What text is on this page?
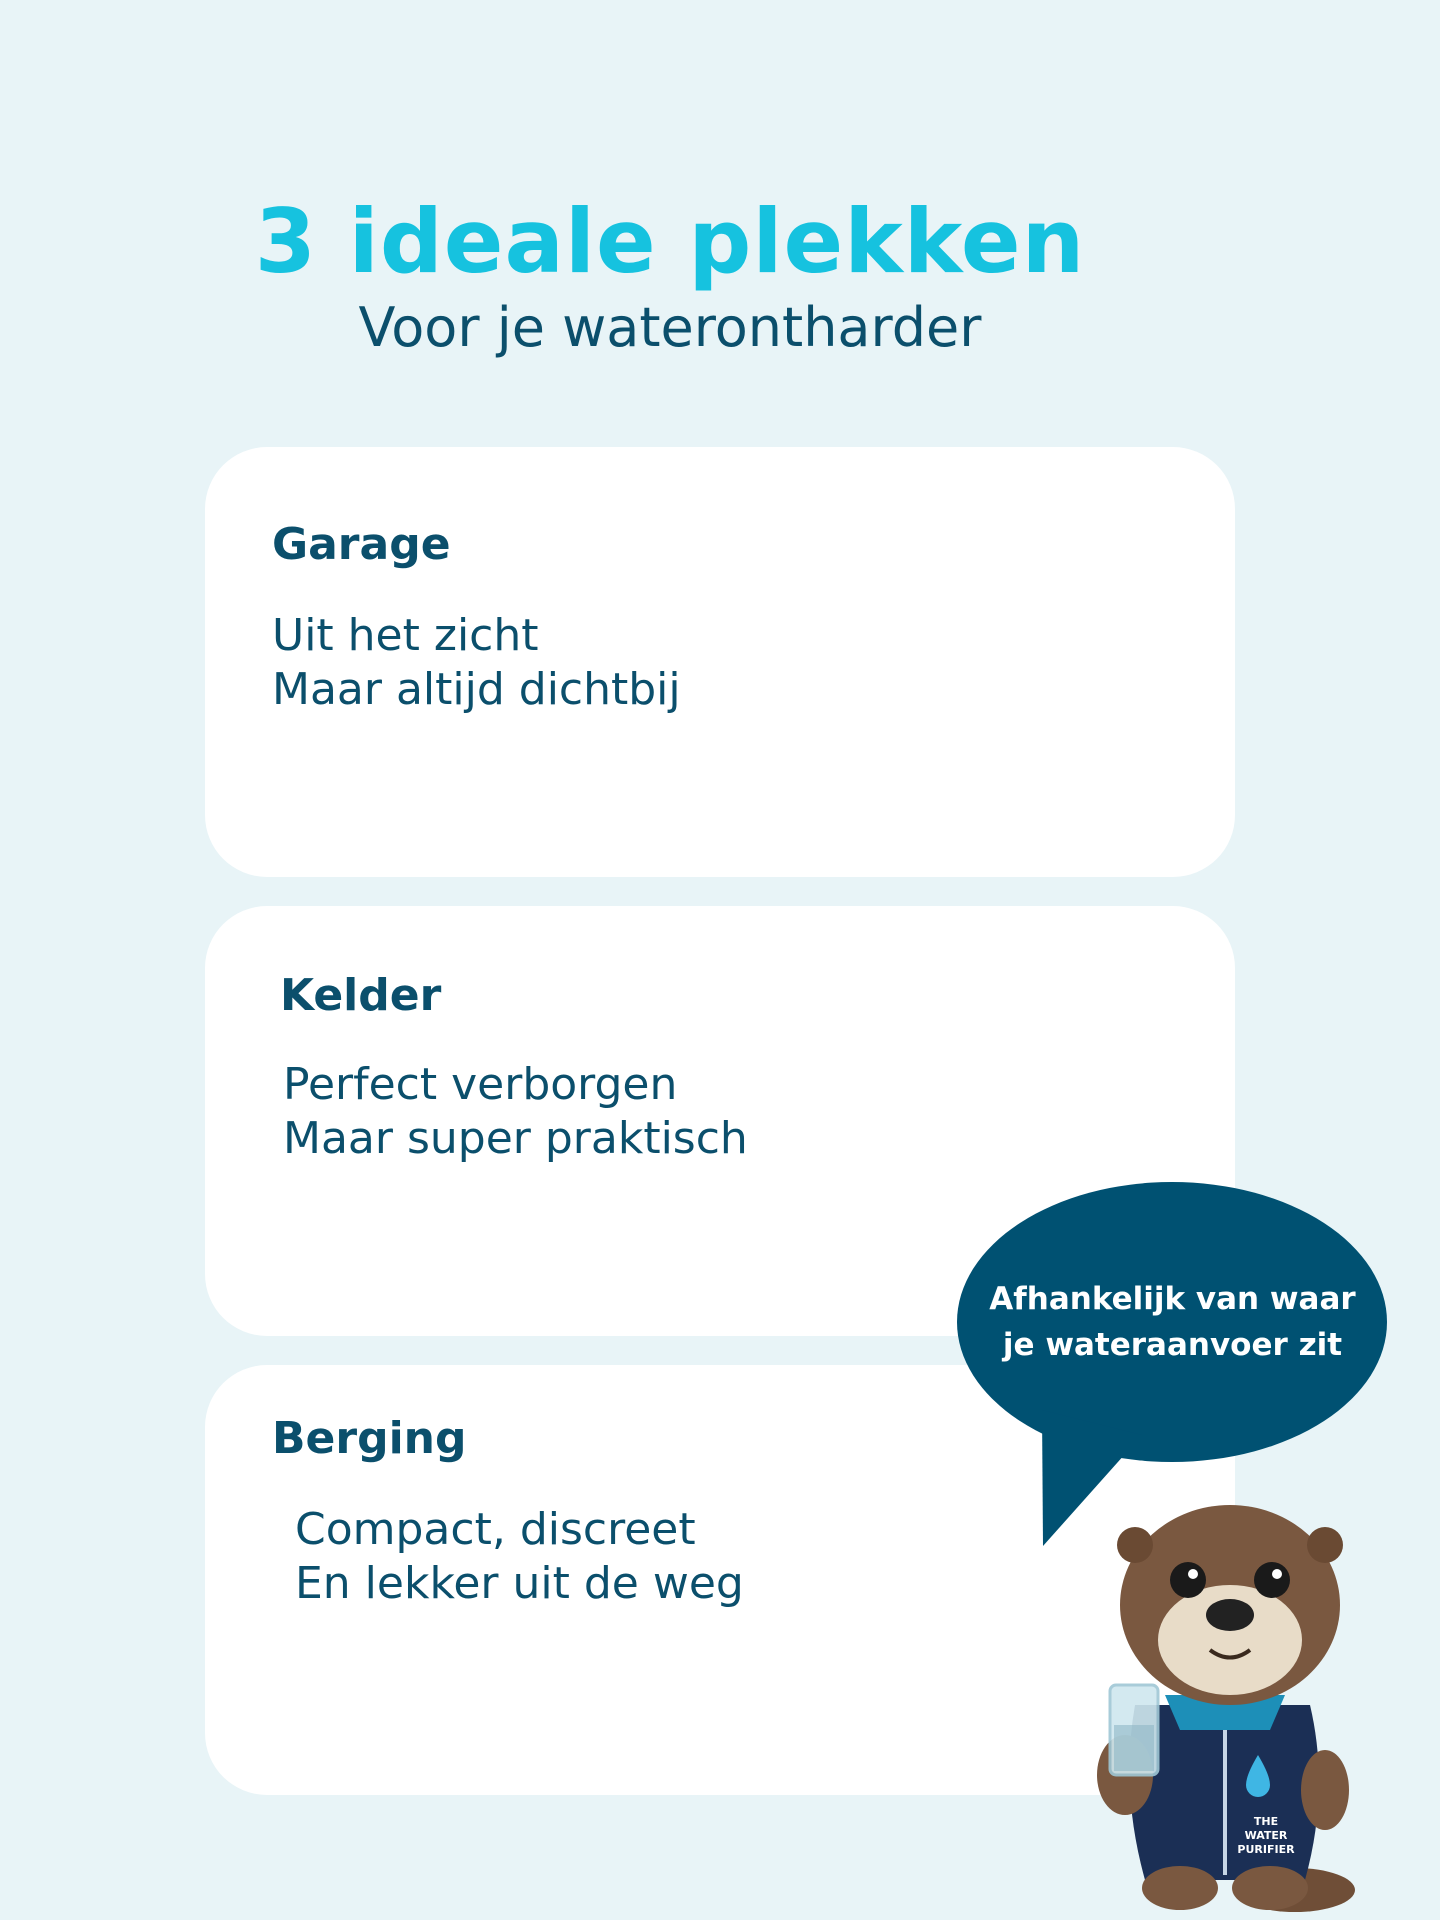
3 ideale plekken
Voor je waterontharder
Garage

Uit het zicht

Maar altijd dichtbij

Kelder

Perfect verborgen

Maar super praktisch

Berging

Compact, discreet

En lekker uit de weg

Afhankelijk van waar
je wateraanvoer zit

THE
WATER
PURIFIER
